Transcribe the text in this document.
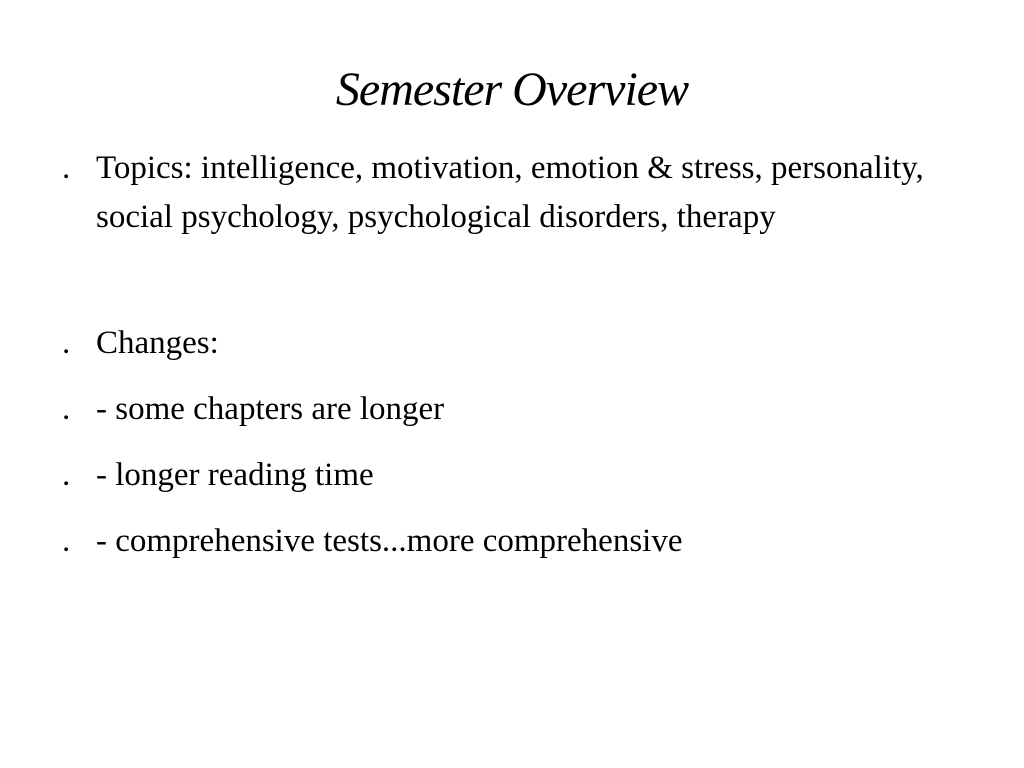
Semester Overview
. Topics: intelligence, motivation, emotion & stress, personality, social psychology, psychological disorders, therapy
. Changes:
. - some chapters are longer
. - longer reading time
. - comprehensive tests...more comprehensive
